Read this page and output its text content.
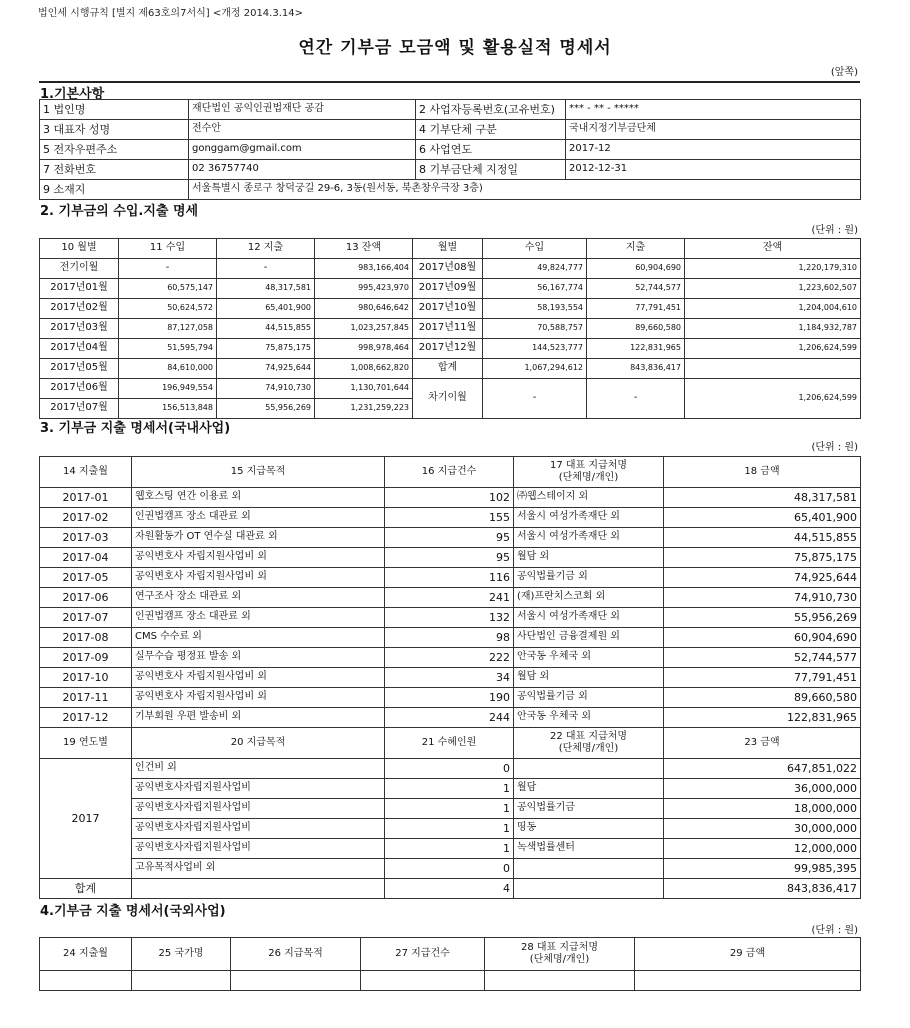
법인세 시행규칙 [별지 제63호의7서식] <개정 2014.3.14>
연간 기부금 모금액 및 활용실적 명세서
(앞쪽)
1.기본사항
1 법인명	재단법인 공익인권법재단 공감	2 사업자등록번호(고유번호)	*** - ** - *****
3 대표자 성명	전수안	4 기부단체 구분	국내지정기부금단체
5 전자우편주소	gonggam@gmail.com	6 사업연도	2017-12
7 전화번호	02 36757740	8 기부금단체 지정일	2012-12-31
9 소재지	서울특별시 종로구 창덕궁길 29-6, 3동(원서동, 북촌창우극장 3층)		
2. 기부금의 수입.지출 명세
(단위 : 원)
10 월별	11 수입	12 지출	13 잔액	월별	수입	지출	잔액
전기이월	-	-	983,166,404	2017년08월	49,824,777	60,904,690	1,220,179,310
2017년01월	60,575,147	48,317,581	995,423,970	2017년09월	56,167,774	52,744,577	1,223,602,507
2017년02월	50,624,572	65,401,900	980,646,642	2017년10월	58,193,554	77,791,451	1,204,004,610
2017년03월	87,127,058	44,515,855	1,023,257,845	2017년11월	70,588,757	89,660,580	1,184,932,787
2017년04월	51,595,794	75,875,175	998,978,464	2017년12월	144,523,777	122,831,965	1,206,624,599
2017년05월	84,610,000	74,925,644	1,008,662,820	합계	1,067,294,612	843,836,417	
2017년06월	196,949,554	74,910,730	1,130,701,644	차기이월	-	-	1,206,624,599
2017년07월	156,513,848	55,956,269	1,231,259,223				
3. 기부금 지출 명세서(국내사업)
(단위 : 원)
14 지출월	15 지급목적	16 지급건수	17 대표 지급처명
(단체명/개인)	18 금액
2017-01	웹호스팅 연간 이용료 외	102	㈜웹스테이지 외	48,317,581
2017-02	인권법캠프 장소 대관료 외	155	서울시 여성가족재단 외	65,401,900
2017-03	자원활동가 OT 연수실 대관료 외	95	서울시 여성가족재단 외	44,515,855
2017-04	공익변호사 자립지원사업비 외	95	월담 외	75,875,175
2017-05	공익변호사 자립지원사업비 외	116	공익법률기금 외	74,925,644
2017-06	연구조사 장소 대관료 외	241	(재)프란치스코회 외	74,910,730
2017-07	인권법캠프 장소 대관료 외	132	서울시 여성가족재단 외	55,956,269
2017-08	CMS 수수료 외	98	사단법인 금융결제원 외	60,904,690
2017-09	실무수습 평정표 발송 외	222	안국동 우체국 외	52,744,577
2017-10	공익변호사 자립지원사업비 외	34	월담 외	77,791,451
2017-11	공익변호사 자립지원사업비 외	190	공익법률기금 외	89,660,580
2017-12	기부회원 우편 발송비 외	244	안국동 우체국 외	122,831,965
19 연도별	20 지급목적	21 수혜인원	22 대표 지급처명
(단체명/개인)	23 금액
2017	인건비 외	0		647,851,022
	공익변호사자립지원사업비	1	월담	36,000,000
	공익변호사자립지원사업비	1	공익법률기금	18,000,000
	공익변호사자립지원사업비	1	띵동	30,000,000
	공익변호사자립지원사업비	1	녹색법률센터	12,000,000
	고유목적사업비 외	0		99,985,395
합계		4		843,836,417
4.기부금 지출 명세서(국외사업)
(단위 : 원)
24 지출월	25 국가명	26 지급목적	27 지급건수	28 대표 지급처명
(단체명/개인)	29 금액
